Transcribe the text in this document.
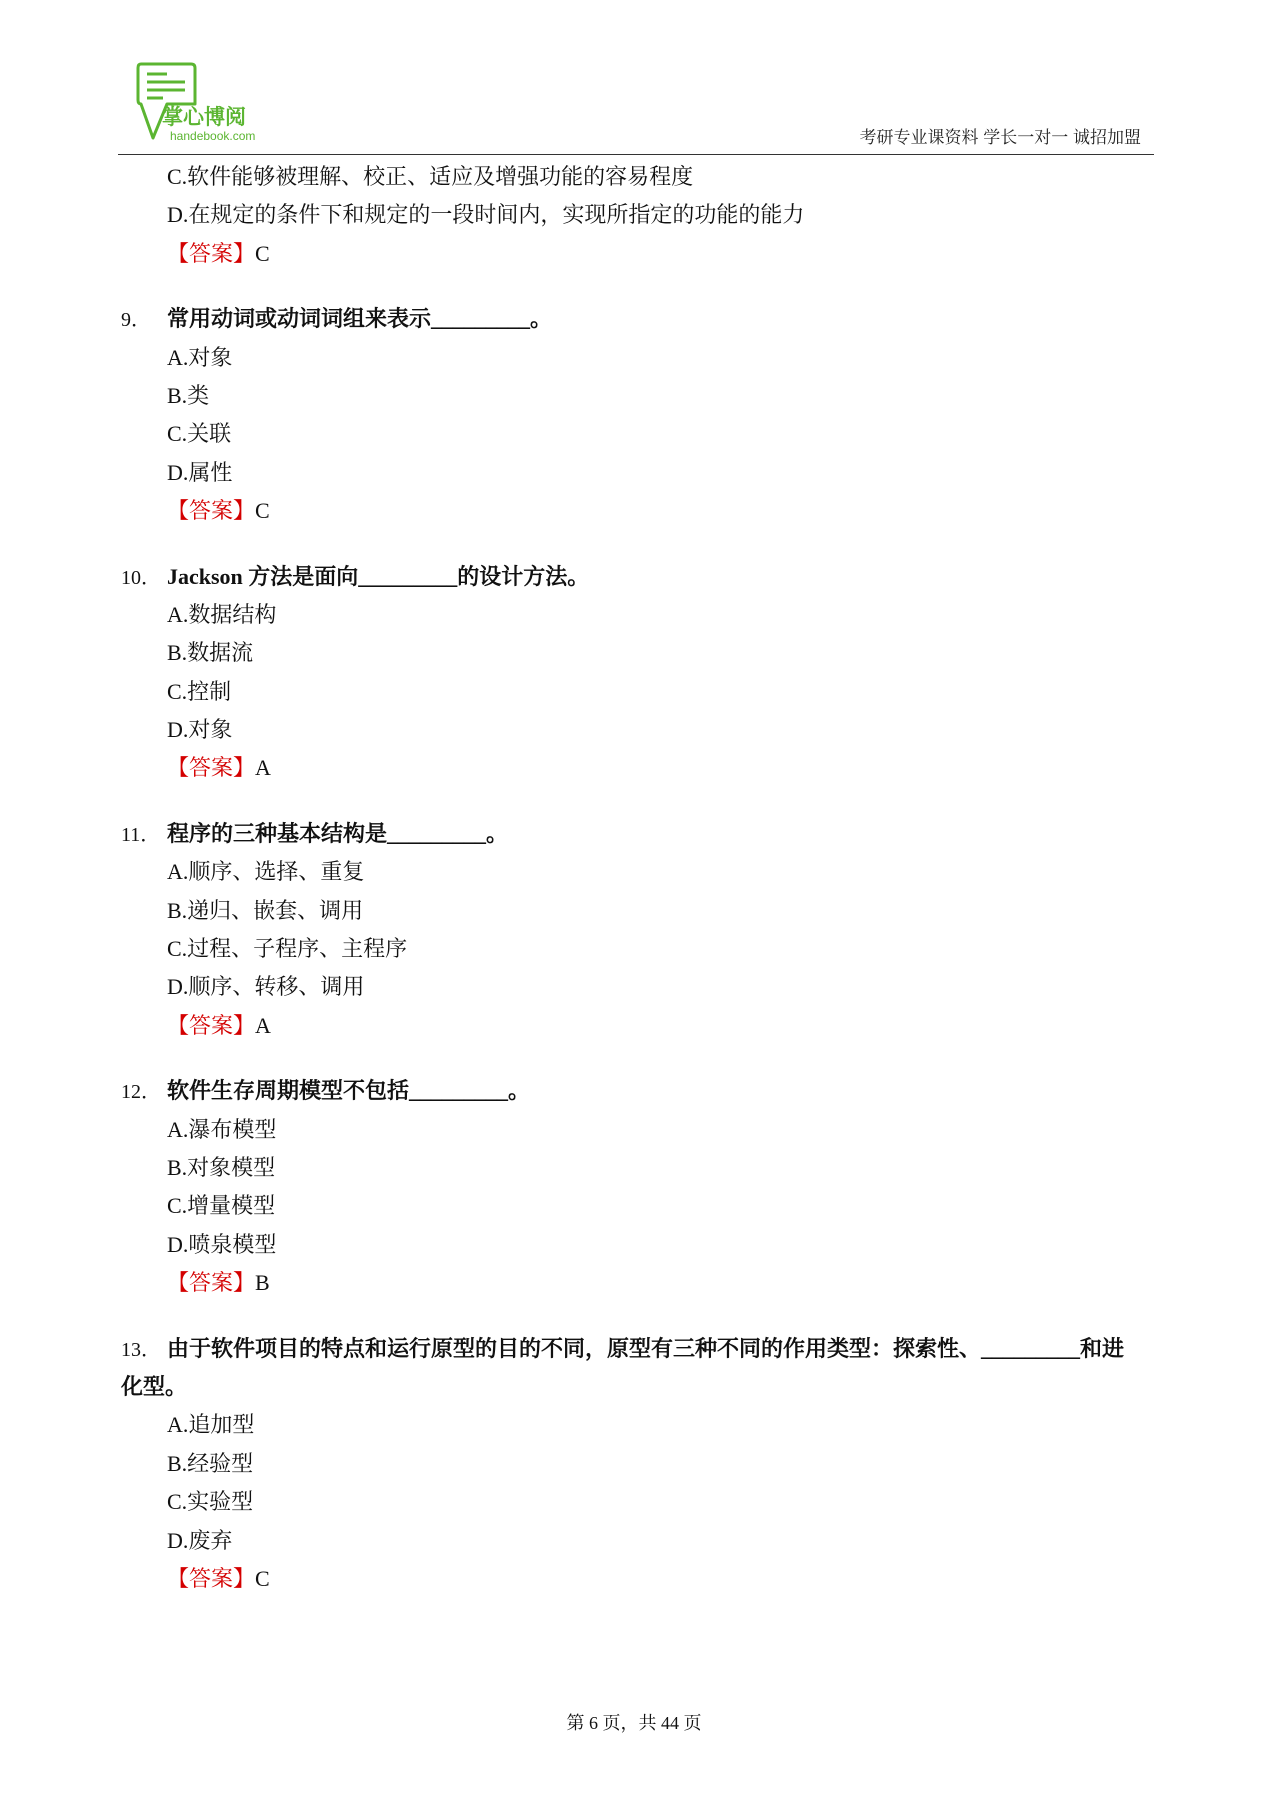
掌心博阅
handebook.com	考研专业课资料 学长一对一 诚招加盟
C.软件能够被理解、校正、适应及增强功能的容易程度
D.在规定的条件下和规定的一段时间内，实现所指定的功能的能力
【答案】C
9． 常用动词或动词词组来表示_________。
A.对象
B.类
C.关联
D.属性
【答案】C
10． Jackson 方法是面向_________的设计方法。
A.数据结构
B.数据流
C.控制
D.对象
【答案】A
11． 程序的三种基本结构是_________。
A.顺序、选择、重复
B.递归、嵌套、调用
C.过程、子程序、主程序
D.顺序、转移、调用
【答案】A
12． 软件生存周期模型不包括_________。
A.瀑布模型
B.对象模型
C.增量模型
D.喷泉模型
【答案】B
13． 由于软件项目的特点和运行原型的目的不同，原型有三种不同的作用类型：探索性、_________和进
化型。
A.追加型
B.经验型
C.实验型
D.废弃
【答案】C
第 6 页，共 44 页
